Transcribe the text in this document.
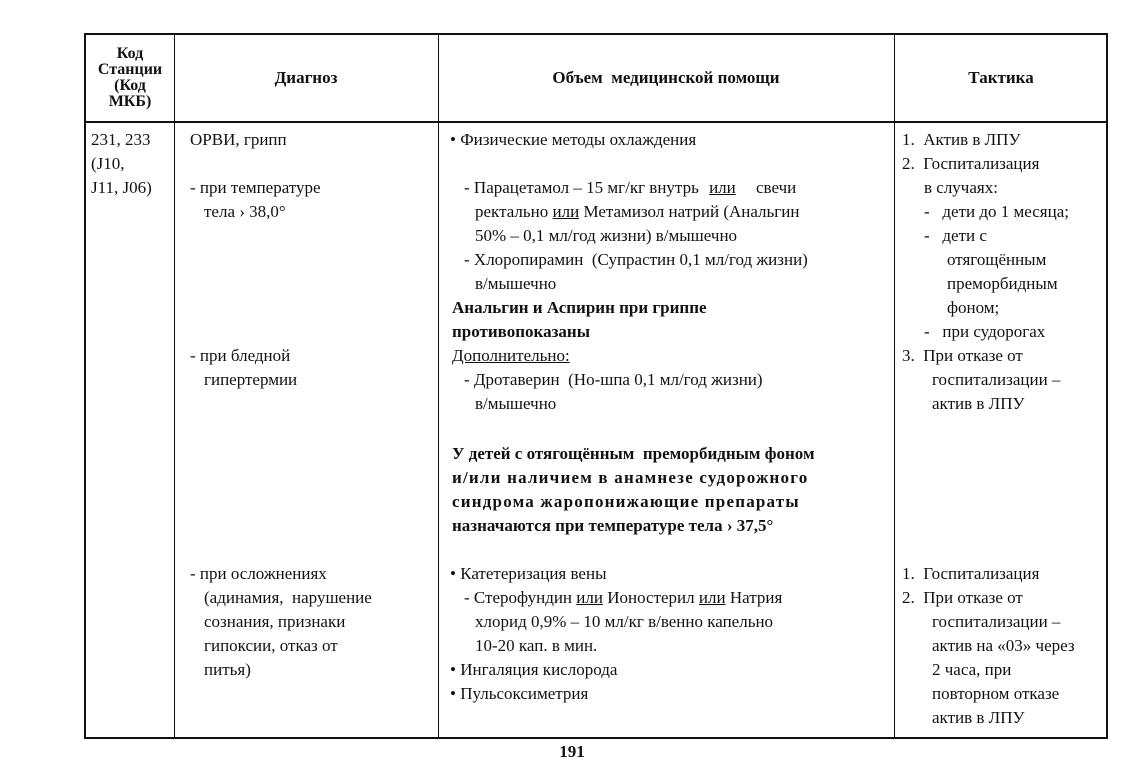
Код
Станции
(Код
МКБ)
Диагноз	Объем  медицинской помощи	Тактика
231, 233
(J10,
J11, J06)
ОРВИ, грипп
- при температуре
тела › 38,0°
- при бледной
гипертермии
- при осложнениях
(адинамия,  нарушение
сознания, признаки
гипоксии, отказ от
питья)
• Физические методы охлаждения
- Парацетамол – 15 мг/кг внутрь или свечи
ректально или Метамизол натрий (Анальгин
50% – 0,1 мл/год жизни) в/мышечно
- Хлоропирамин  (Супрастин 0,1 мл/год жизни)
в/мышечно
Анальгин и Аспирин при гриппе
противопоказаны
Дополнительно:
- Дротаверин  (Но-шпа 0,1 мл/год жизни)
в/мышечно
У детей с отягощённым  преморбидным фоном
и/или наличием в анамнезе судорожного
синдрома жаропонижающие препараты
назначаются при температуре тела › 37,5°
• Катетеризация вены
- Стерофундин или Ионостерил или Натрия
хлорид 0,9% – 10 мл/кг в/венно капельно
10-20 кап. в мин.
• Ингаляция кислорода
• Пульсоксиметрия
1.  Актив в ЛПУ
2.  Госпитализация
в случаях:
-   дети до 1 месяца;
-   дети с
отягощённым
преморбидным
фоном;
-   при судорогах
3.  При отказе от
госпитализации –
актив в ЛПУ
1.  Госпитализация
2.  При отказе от
госпитализации –
актив на «03» через
2 часа, при
повторном отказе
актив в ЛПУ
191
